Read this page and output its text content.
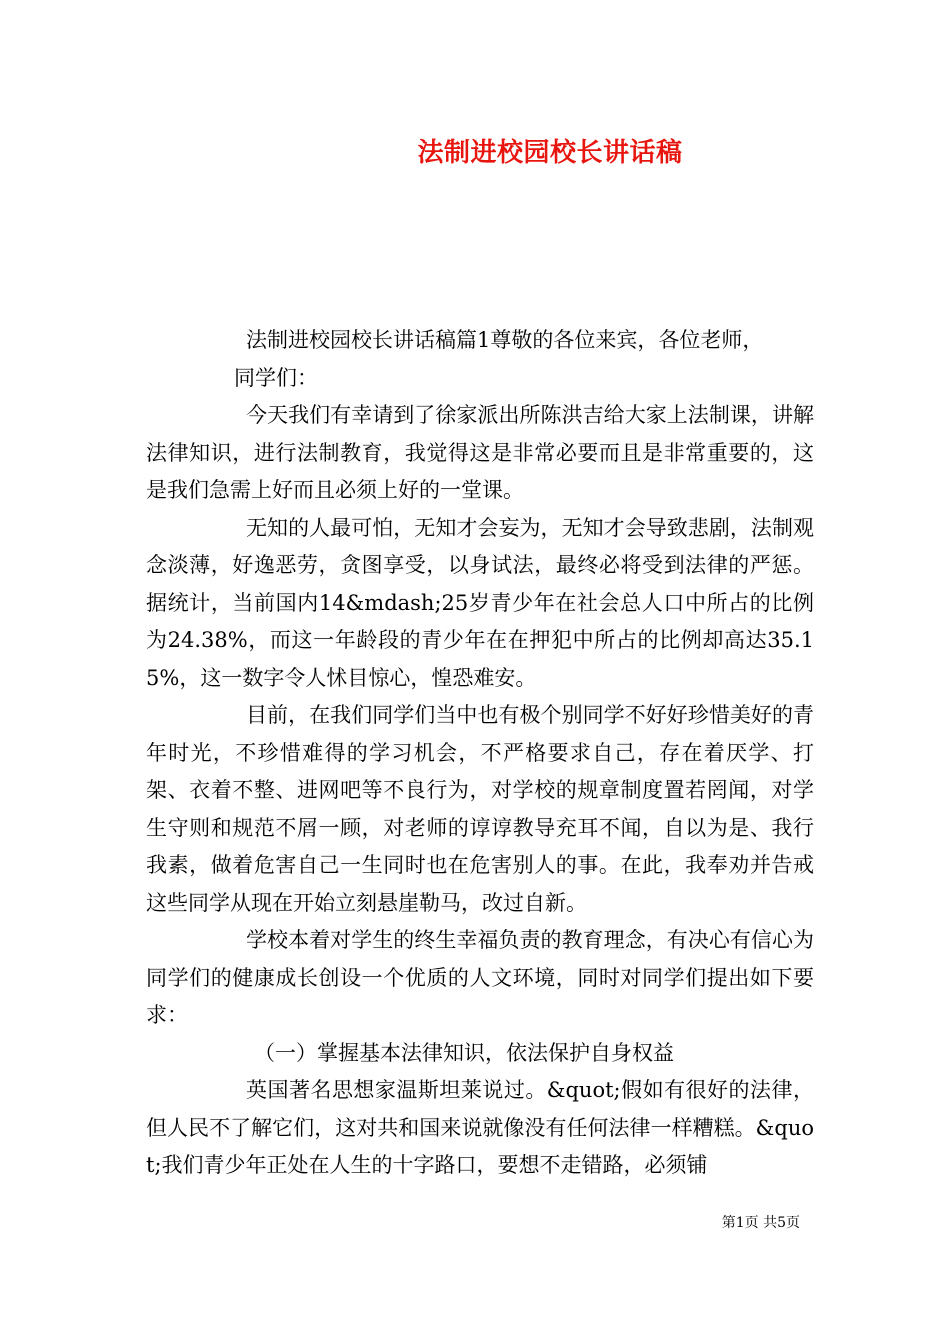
法制进校园校长讲话稿

法制进校园校长讲话稿篇1尊敬的各位来宾，各位老师，

同学们：

今天我们有幸请到了徐家派出所陈洪吉给大家上法制课，讲解法律知识，进行法制教育，我觉得这是非常必要而且是非常重要的，这是我们急需上好而且必须上好的一堂课。

无知的人最可怕，无知才会妄为，无知才会导致悲剧，法制观念淡薄，好逸恶劳，贪图享受，以身试法，最终必将受到法律的严惩。据统计，当前国内14&mdash;25岁青少年在社会总人口中所占的比例为24.38%，而这一年龄段的青少年在在押犯中所占的比例却高达35.15%，这一数字令人怵目惊心，惶恐难安。

目前，在我们同学们当中也有极个别同学不好好珍惜美好的青年时光，不珍惜难得的学习机会，不严格要求自己，存在着厌学、打架、衣着不整、进网吧等不良行为，对学校的规章制度置若罔闻，对学生守则和规范不屑一顾，对老师的谆谆教导充耳不闻，自以为是、我行我素，做着危害自己一生同时也在危害别人的事。在此，我奉劝并告戒这些同学从现在开始立刻悬崖勒马，改过自新。

学校本着对学生的终生幸福负责的教育理念，有决心有信心为同学们的健康成长创设一个优质的人文环境，同时对同学们提出如下要求：

（一）掌握基本法律知识，依法保护自身权益

英国著名思想家温斯坦莱说过。&quot;假如有很好的法律，但人民不了解它们，这对共和国来说就像没有任何法律一样糟糕。&quot;我们青少年正处在人生的十字路口，要想不走错路，必须铺

第1页 共5页
